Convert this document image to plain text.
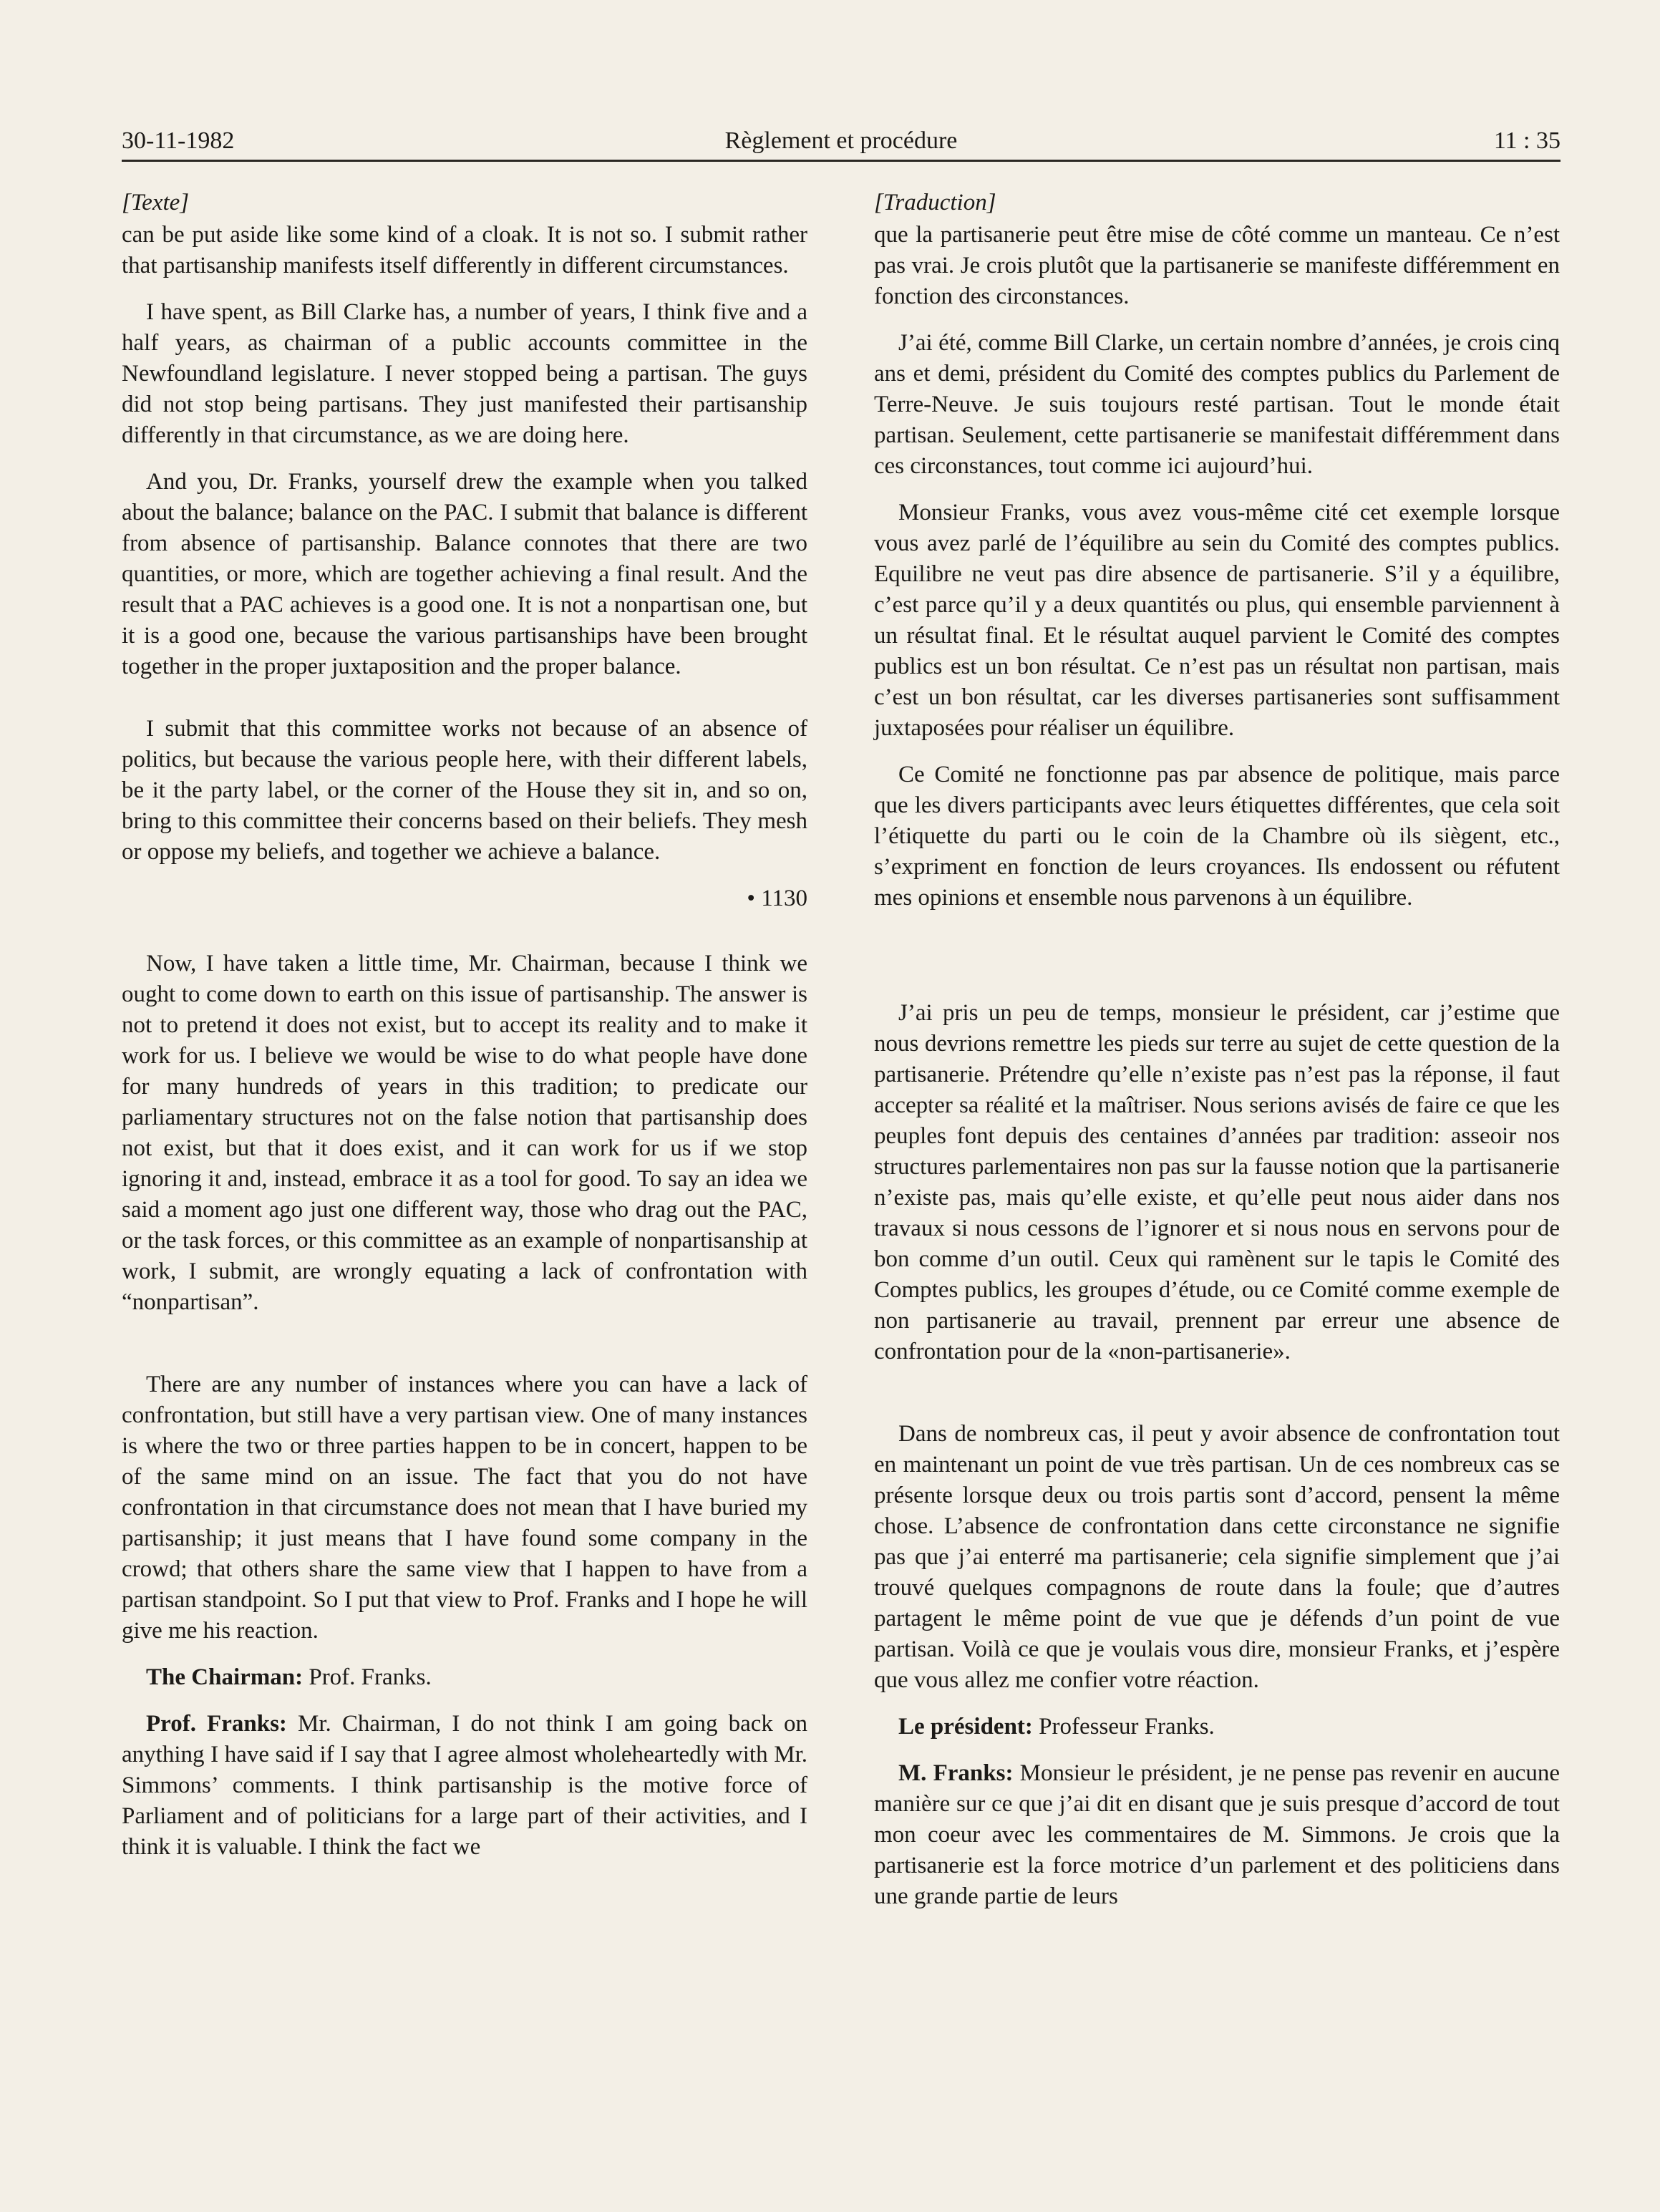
30-11-1982	Règlement et procédure	11 : 35
[Texte]

can be put aside like some kind of a cloak. It is not so. I submit rather that partisanship manifests itself differently in different circumstances.

I have spent, as Bill Clarke has, a number of years, I think five and a half years, as chairman of a public accounts committee in the Newfoundland legislature. I never stopped being a partisan. The guys did not stop being partisans. They just manifested their partisanship differently in that circumstance, as we are doing here.

And you, Dr. Franks, yourself drew the example when you talked about the balance; balance on the PAC. I submit that balance is different from absence of partisanship. Balance connotes that there are two quantities, or more, which are together achieving a final result. And the result that a PAC achieves is a good one. It is not a nonpartisan one, but it is a good one, because the various partisanships have been brought together in the proper juxtaposition and the proper balance.

I submit that this committee works not because of an absence of politics, but because the various people here, with their different labels, be it the party label, or the corner of the House they sit in, and so on, bring to this committee their concerns based on their beliefs. They mesh or oppose my beliefs, and together we achieve a balance.

• 1130

Now, I have taken a little time, Mr. Chairman, because I think we ought to come down to earth on this issue of partisanship. The answer is not to pretend it does not exist, but to accept its reality and to make it work for us. I believe we would be wise to do what people have done for many hundreds of years in this tradition; to predicate our parliamentary structures not on the false notion that partisanship does not exist, but that it does exist, and it can work for us if we stop ignoring it and, instead, embrace it as a tool for good. To say an idea we said a moment ago just one different way, those who drag out the PAC, or the task forces, or this committee as an example of nonpartisanship at work, I submit, are wrongly equating a lack of confrontation with “nonpartisan”.

There are any number of instances where you can have a lack of confrontation, but still have a very partisan view. One of many instances is where the two or three parties happen to be in concert, happen to be of the same mind on an issue. The fact that you do not have confrontation in that circumstance does not mean that I have buried my partisanship; it just means that I have found some company in the crowd; that others share the same view that I happen to have from a partisan standpoint. So I put that view to Prof. Franks and I hope he will give me his reaction.

The Chairman: Prof. Franks.

Prof. Franks: Mr. Chairman, I do not think I am going back on anything I have said if I say that I agree almost wholeheartedly with Mr. Simmons’ comments. I think partisanship is the motive force of Parliament and of politicians for a large part of their activities, and I think it is valuable. I think the fact we

[Traduction]

que la partisanerie peut être mise de côté comme un manteau. Ce n’est pas vrai. Je crois plutôt que la partisanerie se manifeste différemment en fonction des circonstances.

J’ai été, comme Bill Clarke, un certain nombre d’années, je crois cinq ans et demi, président du Comité des comptes publics du Parlement de Terre-Neuve. Je suis toujours resté partisan. Tout le monde était partisan. Seulement, cette partisanerie se manifestait différemment dans ces circonstances, tout comme ici aujourd’hui.

Monsieur Franks, vous avez vous-même cité cet exemple lorsque vous avez parlé de l’équilibre au sein du Comité des comptes publics. Equilibre ne veut pas dire absence de partisanerie. S’il y a équilibre, c’est parce qu’il y a deux quantités ou plus, qui ensemble parviennent à un résultat final. Et le résultat auquel parvient le Comité des comptes publics est un bon résultat. Ce n’est pas un résultat non partisan, mais c’est un bon résultat, car les diverses partisaneries sont suffisamment juxtaposées pour réaliser un équilibre.

Ce Comité ne fonctionne pas par absence de politique, mais parce que les divers participants avec leurs étiquettes différentes, que cela soit l’étiquette du parti ou le coin de la Chambre où ils siègent, etc., s’expriment en fonction de leurs croyances. Ils endossent ou réfutent mes opinions et ensemble nous parvenons à un équilibre.

J’ai pris un peu de temps, monsieur le président, car j’estime que nous devrions remettre les pieds sur terre au sujet de cette question de la partisanerie. Prétendre qu’elle n’existe pas n’est pas la réponse, il faut accepter sa réalité et la maîtriser. Nous serions avisés de faire ce que les peuples font depuis des centaines d’années par tradition: asseoir nos structures parlementaires non pas sur la fausse notion que la partisanerie n’existe pas, mais qu’elle existe, et qu’elle peut nous aider dans nos travaux si nous cessons de l’ignorer et si nous nous en servons pour de bon comme d’un outil. Ceux qui ramènent sur le tapis le Comité des Comptes publics, les groupes d’étude, ou ce Comité comme exemple de non partisanerie au travail, prennent par erreur une absence de confrontation pour de la «non-partisanerie».

Dans de nombreux cas, il peut y avoir absence de confrontation tout en maintenant un point de vue très partisan. Un de ces nombreux cas se présente lorsque deux ou trois partis sont d’accord, pensent la même chose. L’absence de confrontation dans cette circonstance ne signifie pas que j’ai enterré ma partisanerie; cela signifie simplement que j’ai trouvé quelques compagnons de route dans la foule; que d’autres partagent le même point de vue que je défends d’un point de vue partisan. Voilà ce que je voulais vous dire, monsieur Franks, et j’espère que vous allez me confier votre réaction.

Le président: Professeur Franks.

M. Franks: Monsieur le président, je ne pense pas revenir en aucune manière sur ce que j’ai dit en disant que je suis presque d’accord de tout mon coeur avec les commentaires de M. Simmons. Je crois que la partisanerie est la force motrice d’un parlement et des politiciens dans une grande partie de leurs
